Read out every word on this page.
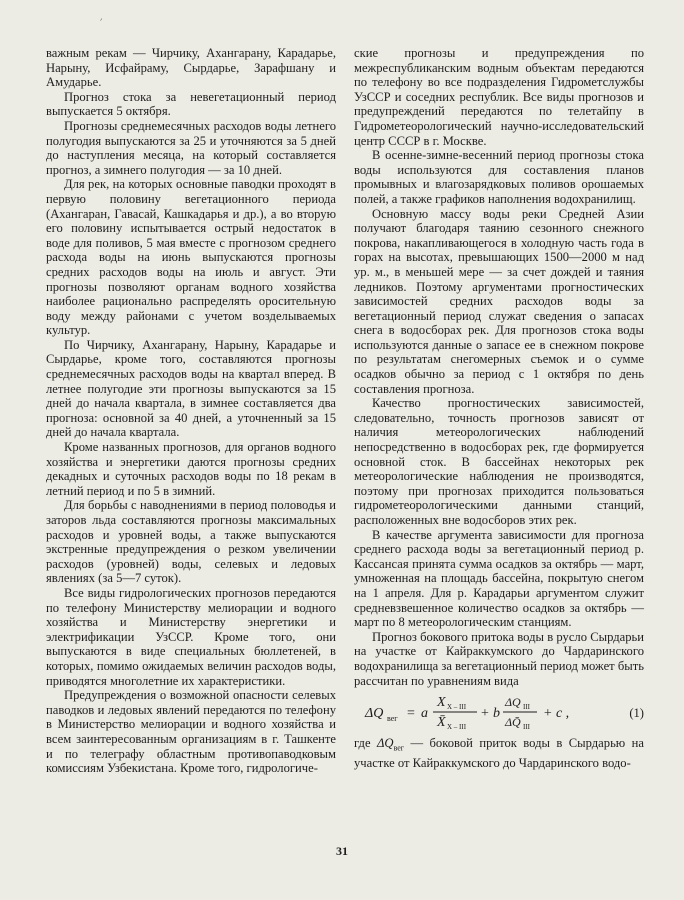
׳

важным рекам — Чирчику, Ахангарану, Карадарье, Нарыну, Исфайраму, Сырдарье, Зарафшану и Амударье.

Прогноз стока за невегетационный период выпускается 5 октября.

Прогнозы среднемесячных расходов воды летнего полугодия выпускаются за 25 и уточняются за 5 дней до наступления месяца, на который составляется прогноз, а зимнего полугодия — за 10 дней.

Для рек, на которых основные паводки проходят в первую половину вегетационного периода (Ахангаран, Гавасай, Кашкадарья и др.), а во вторую его половину испытывается острый недостаток в воде для поливов, 5 мая вместе с прогнозом среднего расхода воды на июнь выпускаются прогнозы средних расходов воды на июль и август. Эти прогнозы позволяют органам водного хозяйства наиболее рационально распределять оросительную воду между районами с учетом возделываемых культур.

По Чирчику, Ахангарану, Нарыну, Карадарье и Сырдарье, кроме того, составляются прогнозы среднемесячных расходов воды на квартал вперед. В летнее полугодие эти прогнозы выпускаются за 15 дней до начала квартала, в зимнее составляется два прогноза: основной за 40 дней, а уточненный за 15 дней до начала квартала.

Кроме названных прогнозов, для органов водного хозяйства и энергетики даются прогнозы средних декадных и суточных расходов воды по 18 рекам в летний период и по 5 в зимний.

Для борьбы с наводнениями в период половодья и заторов льда составляются прогнозы максимальных расходов и уровней воды, а также выпускаются экстренные предупреждения о резком увеличении расходов (уровней) воды, селевых и ледовых явлениях (за 5—7 суток).

Все виды гидрологических прогнозов передаются по телефону Министерству мелиорации и водного хозяйства и Министерству энергетики и электрификации УзССР. Кроме того, они выпускаются в виде специальных бюллетеней, в которых, помимо ожидаемых величин расходов воды, приводятся многолетние их характеристики.

Предупреждения о возможной опасности селевых паводков и ледовых явлений передаются по телефону в Министерство мелиорации и водного хозяйства и всем заинтересованным организациям в г. Ташкенте и по телеграфу областным противопаводковым комиссиям Узбекистана. Кроме того, гидрологиче-

ские прогнозы и предупреждения по межреспубликанским водным объектам передаются по телефону во все подразделения Гидрометслужбы УзССР и соседних республик. Все виды прогнозов и предупреждений передаются по телетайпу в Гидрометеорологический научно-исследовательский центр СССР в г. Москве.

В осенне-зимне-весенний период прогнозы стока воды используются для составления планов промывных и влагозарядковых поливов орошаемых полей, а также графиков наполнения водохранилищ.

Основную массу воды реки Средней Азии получают благодаря таянию сезонного снежного покрова, накапливающегося в холодную часть года в горах на высотах, превышающих 1500—2000 м над ур. м., в меньшей мере — за счет дождей и таяния ледников. Поэтому аргументами прогностических зависимостей средних расходов воды за вегетационный период служат сведения о запасах снега в водосборах рек. Для прогнозов стока воды используются данные о запасе ее в снежном покрове по результатам снегомерных съемок и о сумме осадков обычно за период с 1 октября по день составления прогноза.

Качество прогностических зависимостей, следовательно, точность прогнозов зависят от наличия метеорологических наблюдений непосредственно в водосборах рек, где формируется основной сток. В бассейнах некоторых рек метеорологические наблюдения не производятся, поэтому при прогнозах приходится пользоваться гидрометеорологическими данными станций, расположенных вне водосборов этих рек.

В качестве аргумента зависимости для прогноза среднего расхода воды за вегетационный период р. Кассансая принята сумма осадков за октябрь — март, умноженная на площадь бассейна, покрытую снегом на 1 апреля. Для р. Карадарьи аргументом служит средневзвешенное количество осадков за октябрь — март по 8 метеорологическим станциям.

Прогноз бокового притока воды в русло Сырдарьи на участке от Кайраккумского до Чардаринского водохранилища за вегетационный период может быть рассчитан по уравнениям вида

ΔQ вег = a
X X – III
X̄ X – III
+ b
ΔQ III
ΔQ̄ III
+ c ,	(1)

где $\Delta Q_{вег}$ — боковой приток воды в Сырдарью на участке от Кайраккумского до Чардаринского водо-

31
